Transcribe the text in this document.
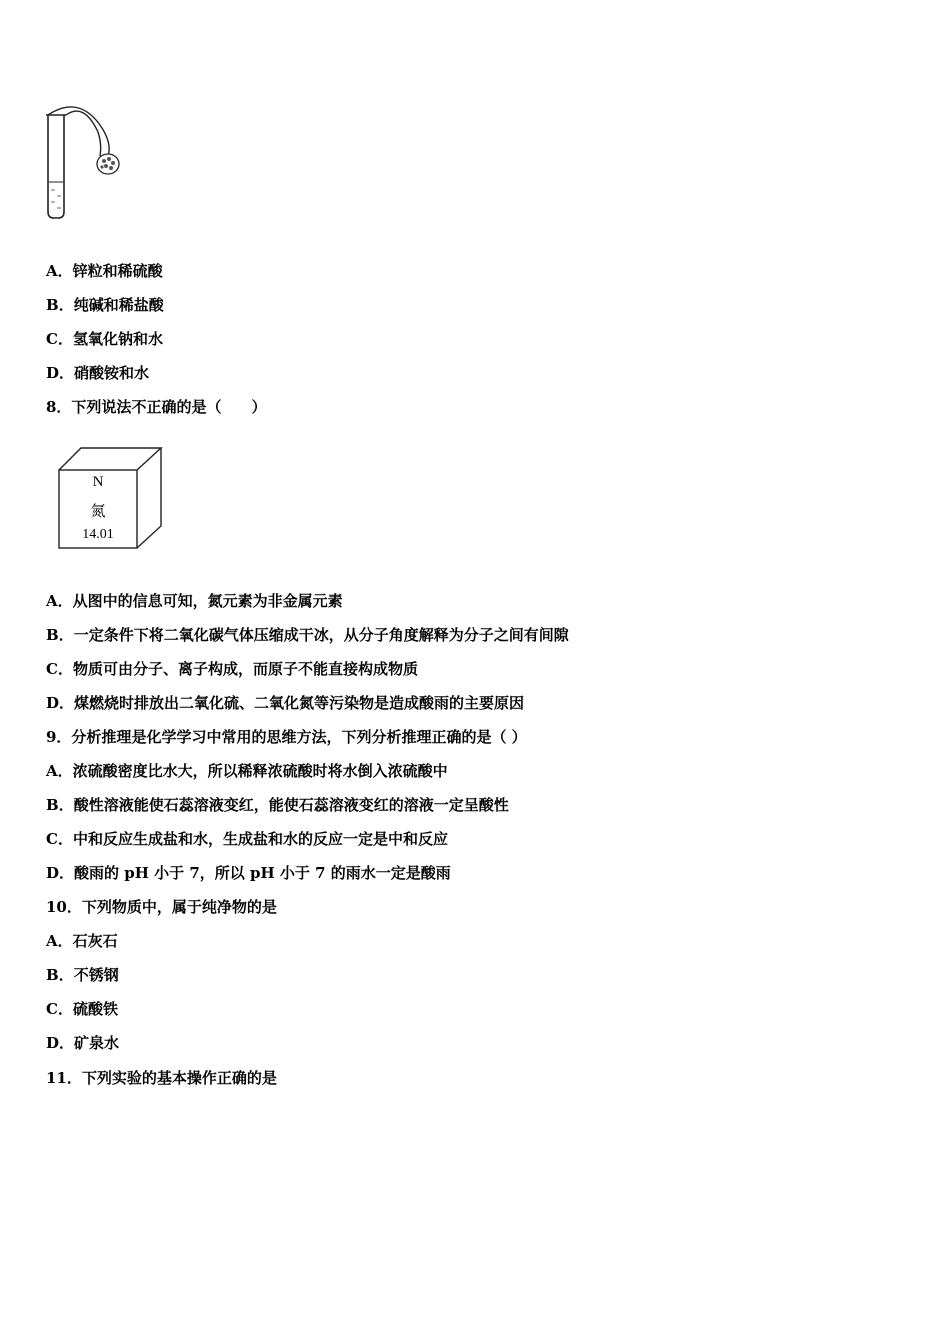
A．锌粒和稀硫酸
B．纯碱和稀盐酸
C．氢氧化钠和水
D．硝酸铵和水
8．下列说法不正确的是（　　）
N
氮
14.01
A．从图中的信息可知，氮元素为非金属元素
B．一定条件下将二氧化碳气体压缩成干冰，从分子角度解释为分子之间有间隙
C．物质可由分子、离子构成，而原子不能直接构成物质
D．煤燃烧时排放出二氧化硫、二氧化氮等污染物是造成酸雨的主要原因
9．分析推理是化学学习中常用的思维方法，下列分析推理正确的是（ ）
A．浓硫酸密度比水大，所以稀释浓硫酸时将水倒入浓硫酸中
B．酸性溶液能使石蕊溶液变红，能使石蕊溶液变红的溶液一定呈酸性
C．中和反应生成盐和水，生成盐和水的反应一定是中和反应
D．酸雨的 pH 小于 7，所以 pH 小于 7 的雨水一定是酸雨
10．下列物质中，属于纯净物的是
A．石灰石
B．不锈钢
C．硫酸铁
D．矿泉水
11．下列实验的基本操作正确的是
